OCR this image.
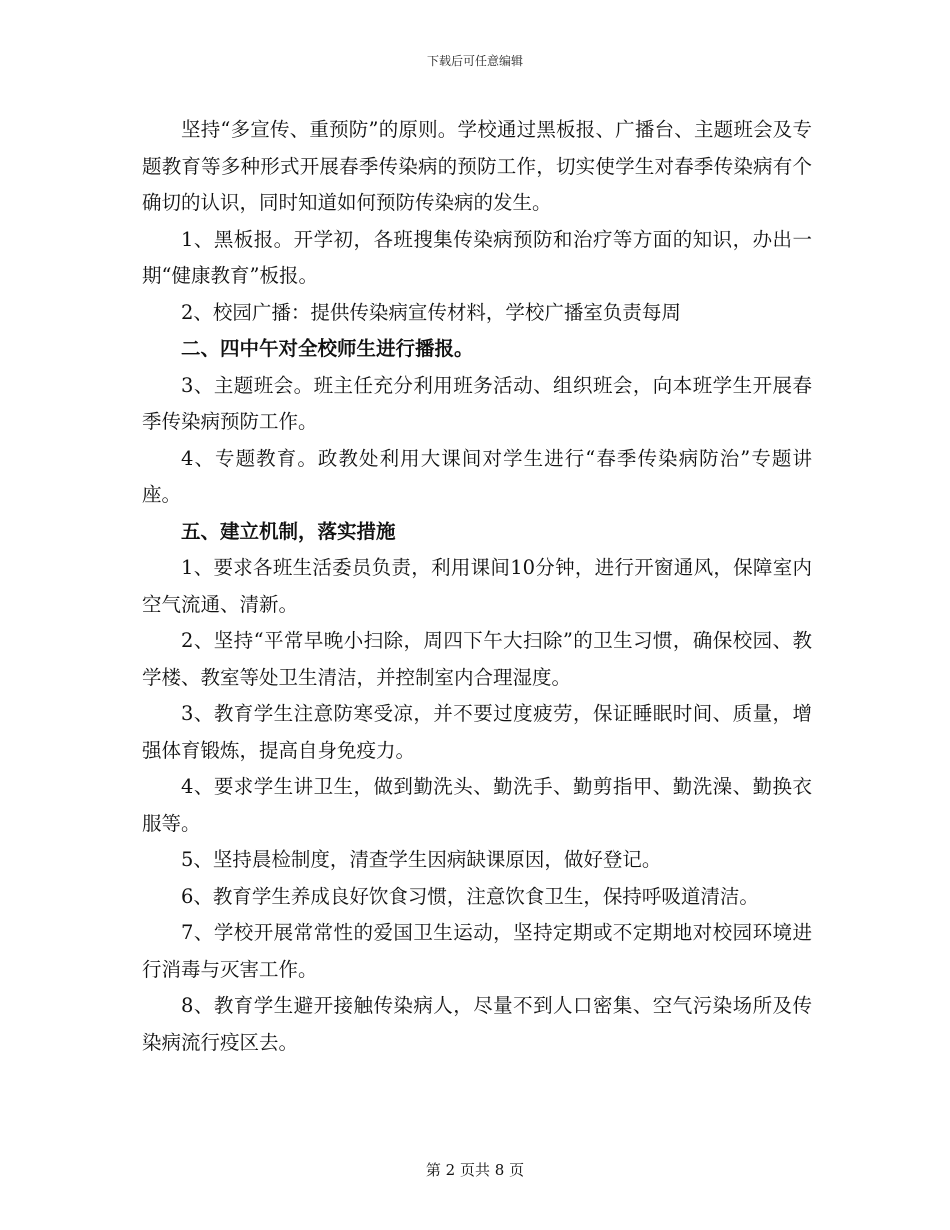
下载后可任意编辑

坚持“多宣传、重预防”的原则。学校通过黑板报、广播台、主题班会及专题教育等多种形式开展春季传染病的预防工作，切实使学生对春季传染病有个确切的认识，同时知道如何预防传染病的发生。

1、黑板报。开学初，各班搜集传染病预防和治疗等方面的知识，办出一期“健康教育”板报。

2、校园广播：提供传染病宣传材料，学校广播室负责每周

二、四中午对全校师生进行播报。

3、主题班会。班主任充分利用班务活动、组织班会，向本班学生开展春季传染病预防工作。

4、专题教育。政教处利用大课间对学生进行“春季传染病防治”专题讲座。

五、建立机制，落实措施

1、要求各班生活委员负责，利用课间10分钟，进行开窗通风，保障室内空气流通、清新。

2、坚持“平常早晚小扫除，周四下午大扫除”的卫生习惯，确保校园、教学楼、教室等处卫生清洁，并控制室内合理湿度。

3、教育学生注意防寒受凉，并不要过度疲劳，保证睡眠时间、质量，增强体育锻炼，提高自身免疫力。

4、要求学生讲卫生，做到勤洗头、勤洗手、勤剪指甲、勤洗澡、勤换衣服等。

5、坚持晨检制度，清查学生因病缺课原因，做好登记。

6、教育学生养成良好饮食习惯，注意饮食卫生，保持呼吸道清洁。

7、学校开展常常性的爱国卫生运动，坚持定期或不定期地对校园环境进行消毒与灭害工作。

8、教育学生避开接触传染病人，尽量不到人口密集、空气污染场所及传染病流行疫区去。

第 2 页共 8 页
